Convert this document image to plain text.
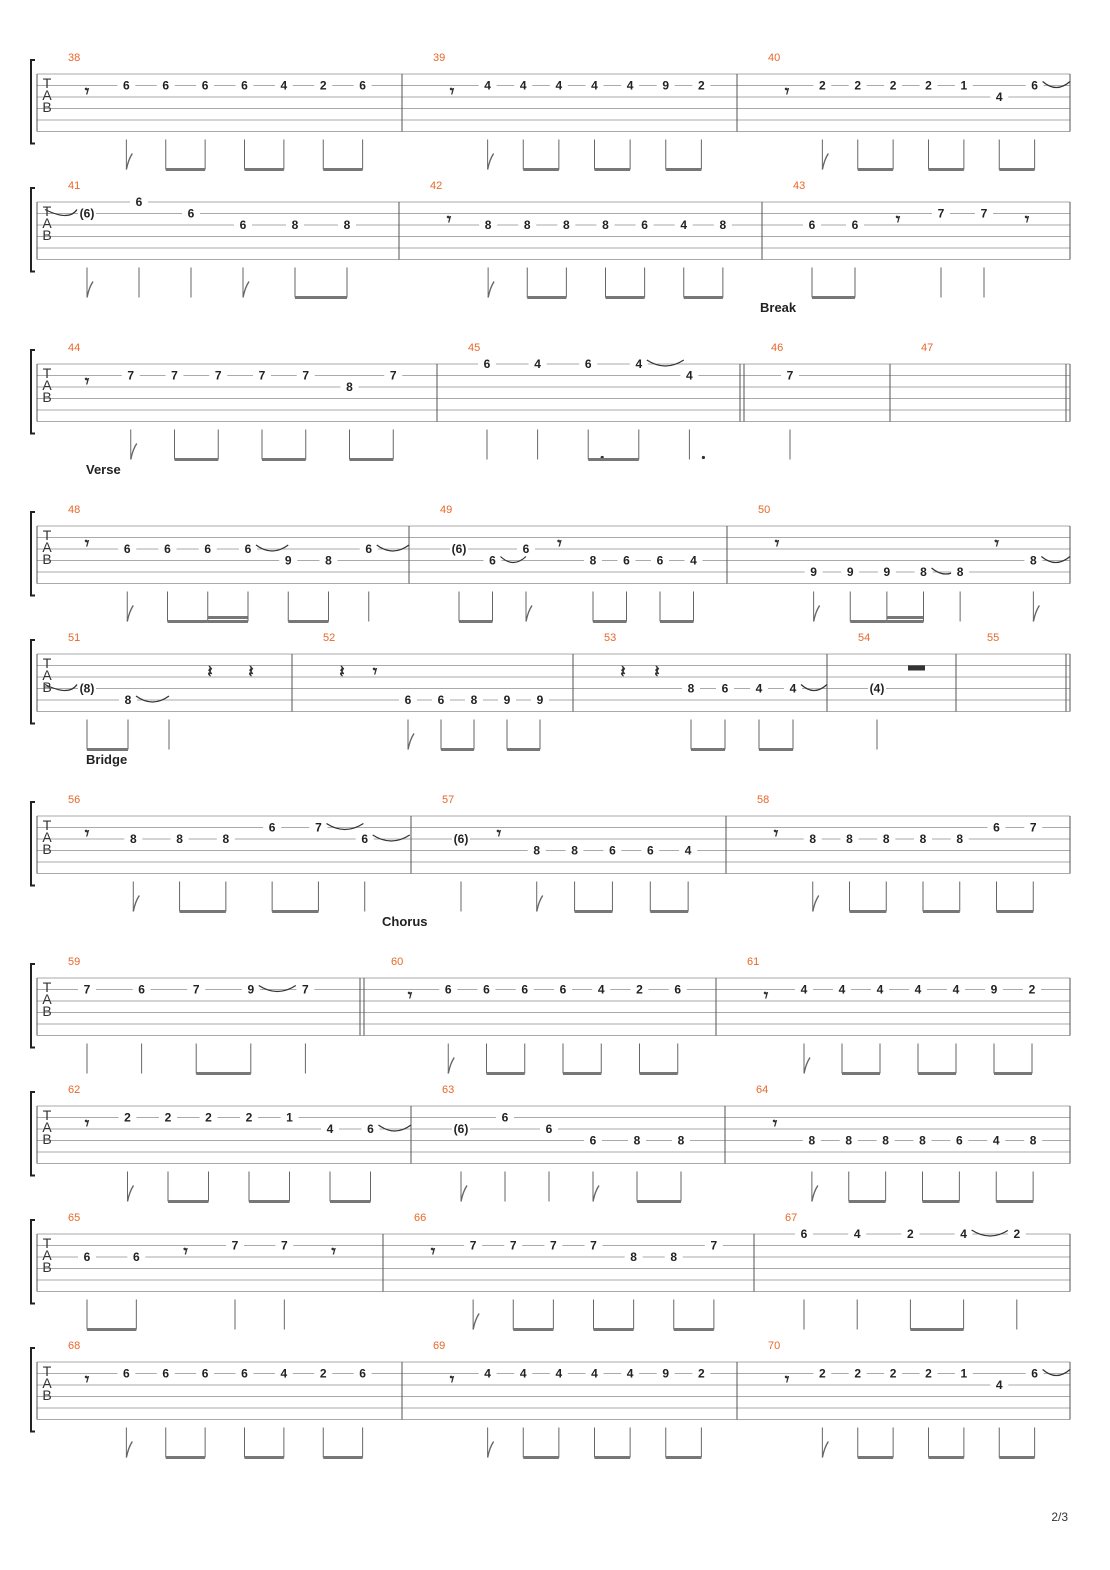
T
A
B
38
𝄾	6	6	6	6	4	2	6
39
𝄾	4 4 4 4 4 9 2
40
𝄾 2 2 2 2 1
4
6
T
A
B
41
(6)
6
6
6	8	8
42
𝄾	8	8	8	8	6	4	8
43
6	6 𝄾	7	7 𝄾
T
A
B
Break
44
𝄾	7	7	7	7	7
8
7
45
6	4	6	4
4
46
7
47
T
A
B
Verse
48
𝄾	6	6	6	6
9	8
6
49
(6)
6
6 𝄾
8 6 6 4
50
𝄾
9 9 9 8 8
𝄾
8
T
A
B
51
(8)
8
𝄽 𝄽
52
𝄽 𝄾
6 6 8 9 9
53
𝄽 𝄽
8 6 4 4
54
(4)
▬
55
T
A
B
Bridge
56
𝄾	8	8	8
6	7
6
57
(6) 𝄾
8	8	6	6	4
58
𝄾	8	8	8	8	8
6	7
T
A
B
Chorus
59
7	6	7	9	7
60
𝄾	6	6	6	6	4	2	6
61
𝄾	4	4	4	4	4	9	2
T
A
B
62
𝄾	2	2	2	2	1
4	6
63
(6)
6
6
6	8	8
64
𝄾
8	8	8	8	6	4	8
T
A
B
65
6	6	𝄾	7	7	𝄾
66
𝄾	7	7	7	7
8	8
7
67
6	4	2	4	2
T
A
B
68
𝄾	6	6	6	6	4	2	6
69
𝄾	4 4 4 4 4 9 2
70
𝄾 2 2 2 2 1
4
6
2/3
